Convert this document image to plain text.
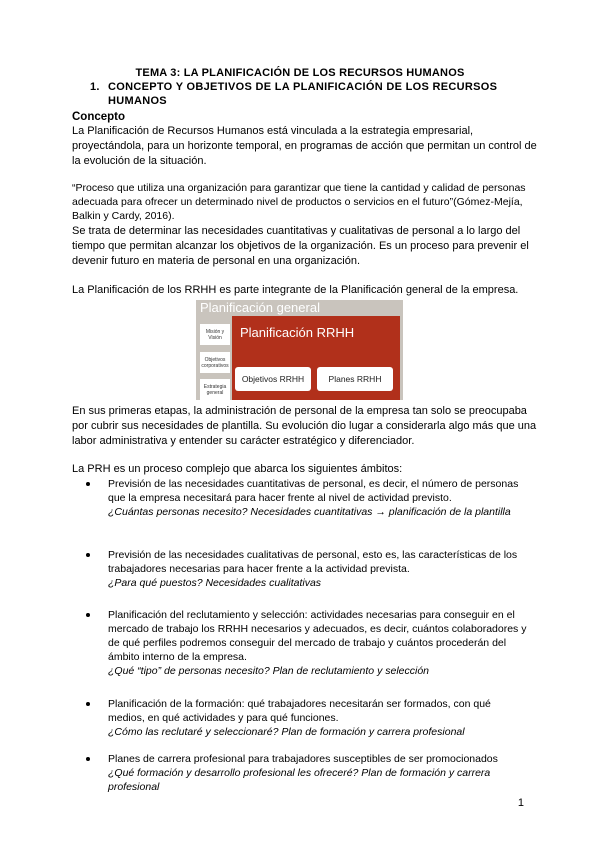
TEMA 3: LA PLANIFICACIÓN DE LOS RECURSOS HUMANOS
1. CONCEPTO Y OBJETIVOS DE LA PLANIFICACIÓN DE LOS RECURSOS HUMANOS
Concepto
La Planificación de Recursos Humanos está vinculada a la estrategia empresarial, proyectándola, para un horizonte temporal, en programas de acción que permitan un control de la evolución de la situación.
“Proceso que utiliza una organización para garantizar que tiene la cantidad y calidad de personas adecuada para ofrecer un determinado nivel de productos o servicios en el futuro”(Gómez-Mejía, Balkin y Cardy, 2016).
Se trata de determinar las necesidades cuantitativas y cualitativas de personal a lo largo del tiempo que permitan alcanzar los objetivos de la organización. Es un proceso para prevenir el devenir futuro en materia de personal en una organización.
La Planificación de los RRHH es parte integrante de la Planificación general de la empresa.
Planificación general
Misión y Visión
Objetivos corporativos
Estrategia general
Planificación RRHH
Objetivos RRHH	Planes RRHH
En sus primeras etapas, la administración de personal de la empresa tan solo se preocupaba por cubrir sus necesidades de plantilla. Su evolución dio lugar a considerarla algo más que una labor administrativa y entender su carácter estratégico y diferenciador.
La PRH es un proceso complejo que abarca los siguientes ámbitos:
Previsión de las necesidades cuantitativas de personal, es decir, el número de personas que la empresa necesitará para hacer frente al nivel de actividad previsto.
¿Cuántas personas necesito? Necesidades cuantitativas → planificación de la plantilla
Previsión de las necesidades cualitativas de personal, esto es, las características de los trabajadores necesarias para hacer frente a la actividad prevista.
¿Para qué puestos? Necesidades cualitativas
Planificación del reclutamiento y selección: actividades necesarias para conseguir en el mercado de trabajo los RRHH necesarios y adecuados, es decir, cuántos colaboradores y de qué perfiles podremos conseguir del mercado de trabajo y cuántos procederán del ámbito interno de la empresa.
¿Qué “tipo” de personas necesito? Plan de reclutamiento y selección
Planificación de la formación: qué trabajadores necesitarán ser formados, con qué medios, en qué actividades y para qué funciones.
¿Cómo las reclutaré y seleccionaré? Plan de formación y carrera profesional
Planes de carrera profesional para trabajadores susceptibles de ser promocionados
¿Qué formación y desarrollo profesional les ofreceré? Plan de formación y carrera profesional
1
